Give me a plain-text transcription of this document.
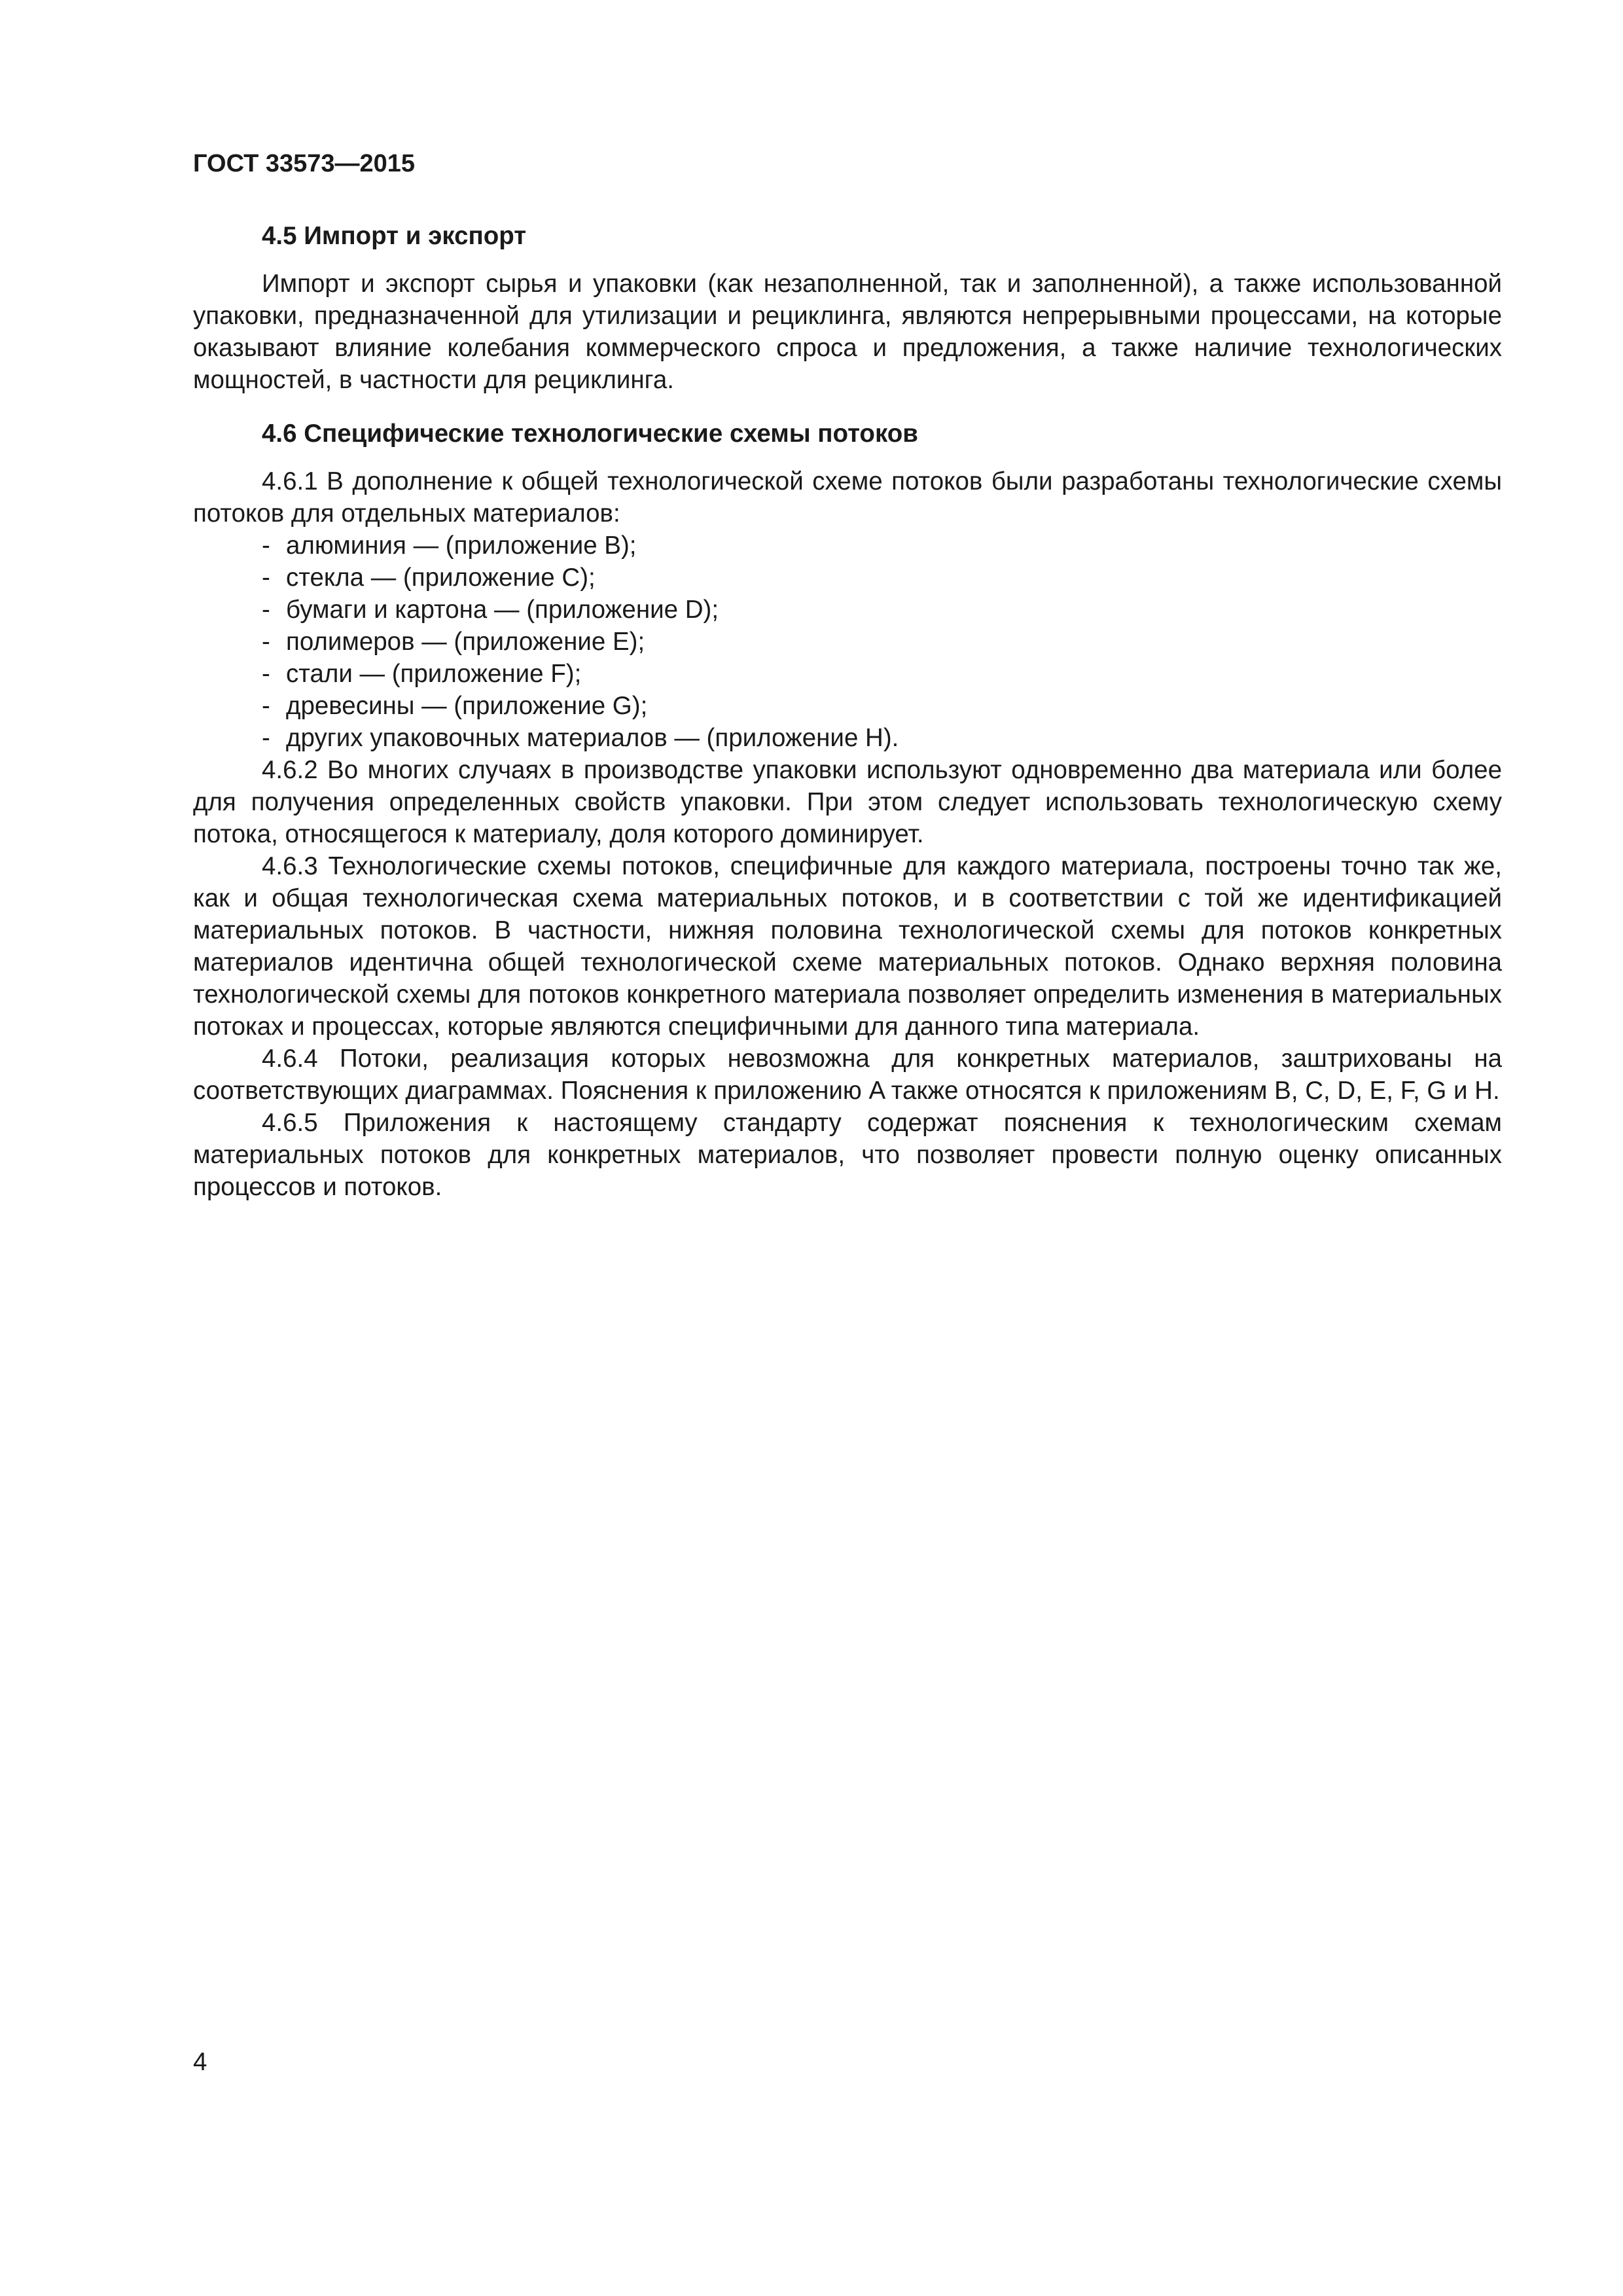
ГОСТ 33573—2015
4.5 Импорт и экспорт

Импорт и экспорт сырья и упаковки (как незаполненной, так и заполненной), а также использованной упаковки, предназначенной для утилизации и рециклинга, являются непрерывными процессами, на которые оказывают влияние колебания коммерческого спроса и предложения, а также наличие технологических мощностей, в частности для рециклинга.

4.6 Специфические технологические схемы потоков

4.6.1 В дополнение к общей технологической схеме потоков были разработаны технологические схемы потоков для отдельных материалов:

- алюминия — (приложение B);
- стекла — (приложение C);
- бумаги и картона — (приложение D);
- полимеров — (приложение E);
- стали — (приложение F);
- древесины — (приложение G);
- других упаковочных материалов — (приложение H).

4.6.2 Во многих случаях в производстве упаковки используют одновременно два материала или более для получения определенных свойств упаковки. При этом следует использовать технологическую схему потока, относящегося к материалу, доля которого доминирует.

4.6.3 Технологические схемы потоков, специфичные для каждого материала, построены точно так же, как и общая технологическая схема материальных потоков, и в соответствии с той же идентификацией материальных потоков. В частности, нижняя половина технологической схемы для потоков конкретных материалов идентична общей технологической схеме материальных потоков. Однако верхняя половина технологической схемы для потоков конкретного материала позволяет определить изменения в материальных потоках и процессах, которые являются специфичными для данного типа материала.

4.6.4 Потоки, реализация которых невозможна для конкретных материалов, заштрихованы на соответствующих диаграммах. Пояснения к приложению A также относятся к приложениям B, C, D, E, F, G и H.

4.6.5 Приложения к настоящему стандарту содержат пояснения к технологическим схемам материальных потоков для конкретных материалов, что позволяет провести полную оценку описанных процессов и потоков.

4
